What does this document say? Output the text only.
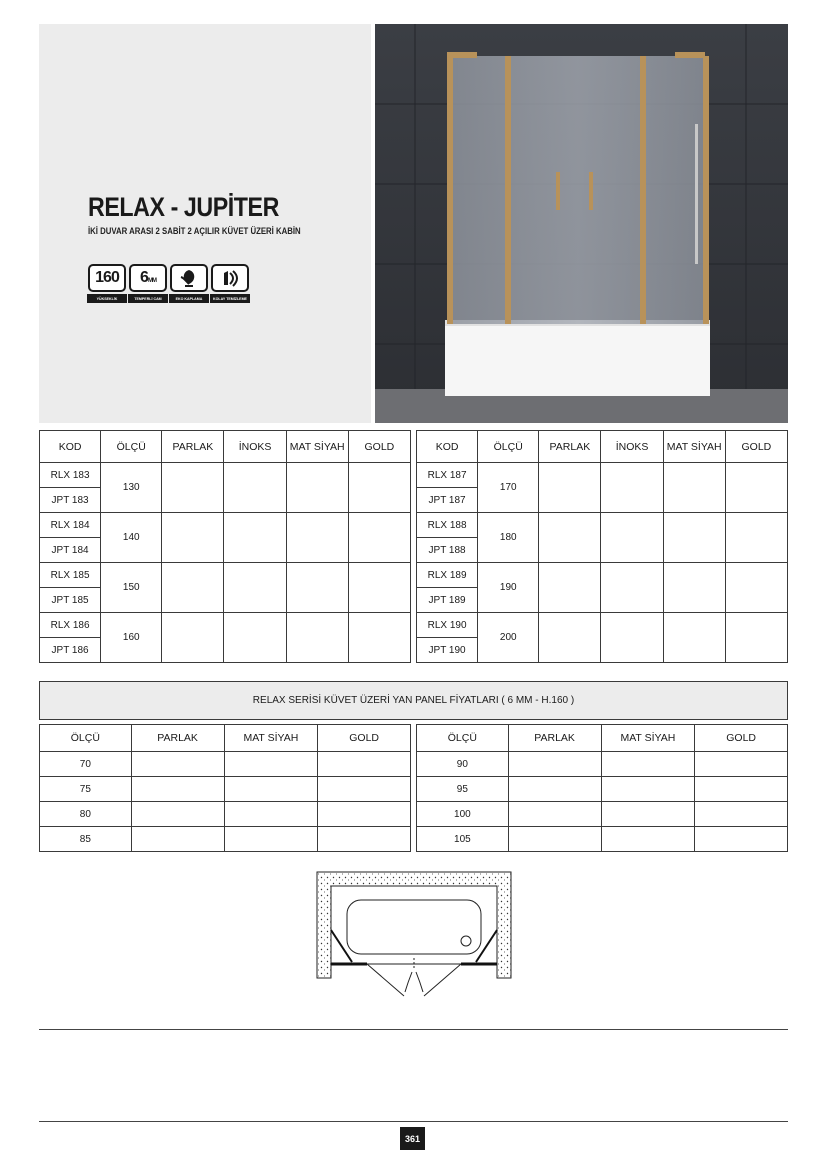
RELAX - JUPİTER
İKİ DUVAR ARASI 2 SABİT 2 AÇILIR KÜVET ÜZERİ KABİN
160
YÜKSEKLİK
6MM
TEMPERLİ CAM	EKO KAPLAMA	KOLAY TEMİZLEME
KOD	ÖLÇÜ	PARLAK	İNOKS	MAT SİYAH	GOLD
RLX 183	130				
JPT 183					
RLX 184	140				
JPT 184					
RLX 185	150				
JPT 185					
RLX 186	160				
JPT 186					
KOD	ÖLÇÜ	PARLAK	İNOKS	MAT SİYAH	GOLD
RLX 187	170				
JPT 187					
RLX 188	180				
JPT 188					
RLX 189	190				
JPT 189					
RLX 190	200				
JPT 190					
RELAX SERİSİ KÜVET ÜZERİ YAN PANEL FİYATLARI ( 6 MM - H.160 )
ÖLÇÜ	PARLAK	MAT SİYAH	GOLD
70			
75			
80			
85			
ÖLÇÜ	PARLAK	MAT SİYAH	GOLD
90			
95			
100			
105			
361
